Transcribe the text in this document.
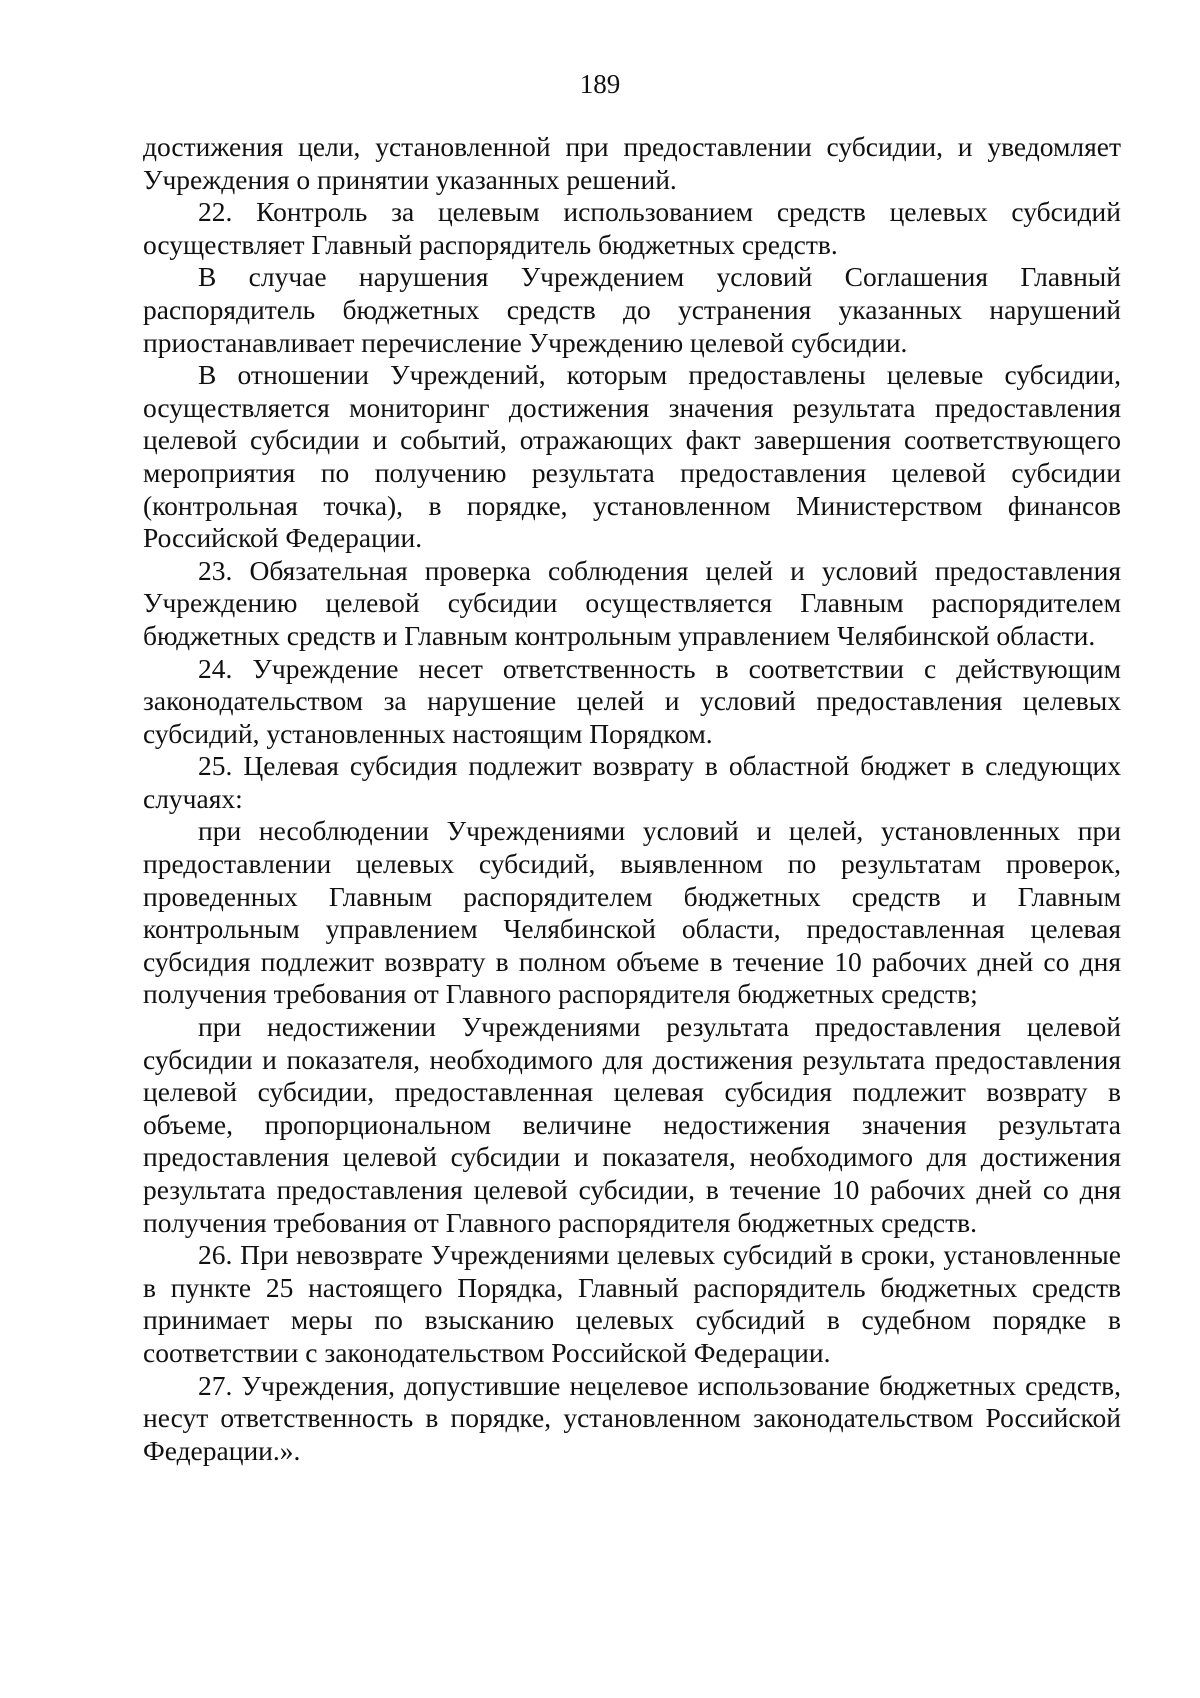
189

достижения цели, установленной при предоставлении субсидии, и уведомляет Учреждения о принятии указанных решений.

22. Контроль за целевым использованием средств целевых субсидий осуществляет Главный распорядитель бюджетных средств.

В случае нарушения Учреждением условий Соглашения Главный распорядитель бюджетных средств до устранения указанных нарушений приостанавливает перечисление Учреждению целевой субсидии.

В отношении Учреждений, которым предоставлены целевые субсидии, осуществляется мониторинг достижения значения результата предоставления целевой субсидии и событий, отражающих факт завершения соответствующего мероприятия по получению результата предоставления целевой субсидии (контрольная точка), в порядке, установленном Министерством финансов Российской Федерации.

23. Обязательная проверка соблюдения целей и условий предоставления Учреждению целевой субсидии осуществляется Главным распорядителем бюджетных средств и Главным контрольным управлением Челябинской области.

24. Учреждение несет ответственность в соответствии с действующим законодательством за нарушение целей и условий предоставления целевых субсидий, установленных настоящим Порядком.

25. Целевая субсидия подлежит возврату в областной бюджет в следующих случаях:

при несоблюдении Учреждениями условий и целей, установленных при предоставлении целевых субсидий, выявленном по результатам проверок, проведенных Главным распорядителем бюджетных средств и Главным контрольным управлением Челябинской области, предоставленная целевая субсидия подлежит возврату в полном объеме в течение 10 рабочих дней со дня получения требования от Главного распорядителя бюджетных средств;

при недостижении Учреждениями результата предоставления целевой субсидии и показателя, необходимого для достижения результата предоставления целевой субсидии, предоставленная целевая субсидия подлежит возврату в объеме, пропорциональном величине недостижения значения результата предоставления целевой субсидии и показателя, необходимого для достижения результата предоставления целевой субсидии, в течение 10 рабочих дней со дня получения требования от Главного распорядителя бюджетных средств.

26. При невозврате Учреждениями целевых субсидий в сроки, установленные в пункте 25 настоящего Порядка, Главный распорядитель бюджетных средств принимает меры по взысканию целевых субсидий в судебном порядке в соответствии с законодательством Российской Федерации.

27. Учреждения, допустившие нецелевое использование бюджетных средств, несут ответственность в порядке, установленном законодательством Российской Федерации.».
